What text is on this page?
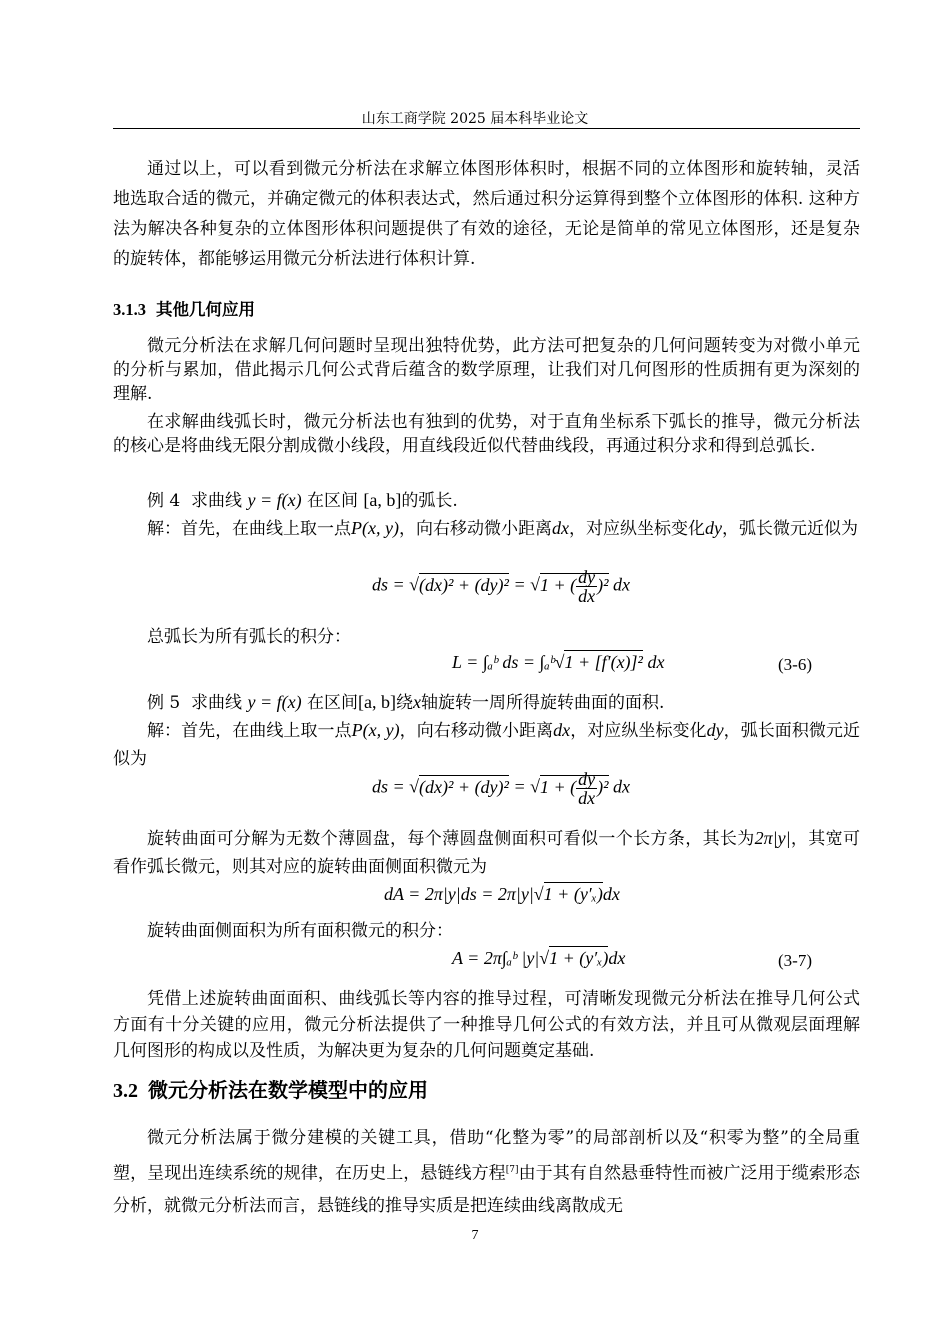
山东工商学院 2025 届本科毕业论文

通过以上，可以看到微元分析法在求解立体图形体积时，根据不同的立体图形和旋转轴，灵活地选取合适的微元，并确定微元的体积表达式，然后通过积分运算得到整个立体图形的体积. 这种方法为解决各种复杂的立体图形体积问题提供了有效的途径，无论是简单的常见立体图形，还是复杂的旋转体，都能够运用微元分析法进行体积计算.

3.1.3 其他几何应用

微元分析法在求解几何问题时呈现出独特优势，此方法可把复杂的几何问题转变为对微小单元的分析与累加，借此揭示几何公式背后蕴含的数学原理，让我们对几何图形的性质拥有更为深刻的理解.

在求解曲线弧长时，微元分析法也有独到的优势，对于直角坐标系下弧长的推导，微元分析法的核心是将曲线无限分割成微小线段，用直线段近似代替曲线段，再通过积分求和得到总弧长.

例 4 求曲线 y = f(x) 在区间 [a, b]的弧长.
解：首先，在曲线上取一点P(x, y)，向右移动微小距离dx，对应纵坐标变化dy，弧长微元近似为
ds = √(dx)² + (dy)² = √1 + ( $\frac{dy}{dx} )^2$ dx
总弧长为所有弧长的积分：
L = ∫ₐᵇ ds = ∫ₐᵇ√1 + [f′(x)]² dx	(3-6)
例 5 求曲线 y = f(x) 在区间[a, b]绕x轴旋转一周所得旋转曲面的面积.
解：首先，在曲线上取一点P(x, y)，向右移动微小距离dx，对应纵坐标变化dy，弧长面积微元近似为
ds = √(dx)² + (dy)² = √1 + ( $\frac{dy}{dx} )^2$ dx
旋转曲面可分解为无数个薄圆盘，每个薄圆盘侧面积可看似一个长方条，其长为2π|y|，其宽可看作弧长微元，则其对应的旋转曲面侧面积微元为
dA = 2π|y|ds = 2π|y|√1 + (y′ₓ)dx
旋转曲面侧面积为所有面积微元的积分：
A = 2π∫ₐᵇ |y|√1 + (y′ₓ)dx	(3-7)

凭借上述旋转曲面面积、曲线弧长等内容的推导过程，可清晰发现微元分析法在推导几何公式方面有十分关键的应用，微元分析法提供了一种推导几何公式的有效方法，并且可从微观层面理解几何图形的构成以及性质，为解决更为复杂的几何问题奠定基础.

3.2 微元分析法在数学模型中的应用
微元分析法属于微分建模的关键工具，借助“化整为零”的局部剖析以及“积零为整”的全局重塑，呈现出连续系统的规律，在历史上，悬链线方程[7]由于其有自然悬垂特性而被广泛用于缆索形态分析，就微元分析法而言，悬链线的推导实质是把连续曲线离散成无
7
